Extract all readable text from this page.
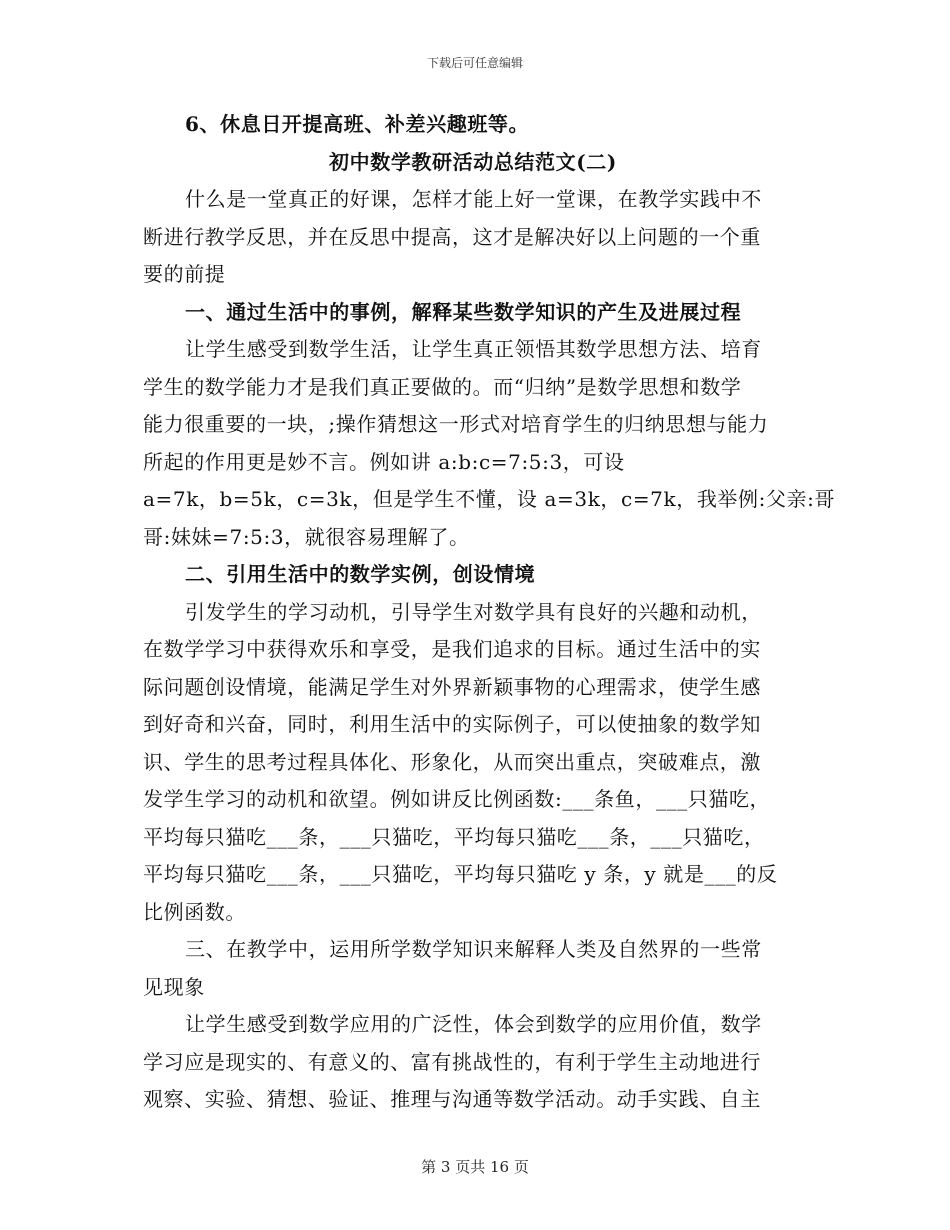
下载后可任意编辑
6、休息日开提高班、补差兴趣班等。
初中数学教研活动总结范文(二)
什么是一堂真正的好课，怎样才能上好一堂课，在教学实践中不
断进行教学反思，并在反思中提高，这才是解决好以上问题的一个重
要的前提
一、通过生活中的事例，解释某些数学知识的产生及进展过程
让学生感受到数学生活，让学生真正领悟其数学思想方法、培育
学生的数学能力才是我们真正要做的。而“归纳”是数学思想和数学
能力很重要的一块，;操作猜想这一形式对培育学生的归纳思想与能力
所起的作用更是妙不言。例如讲 a:b:c=7:5:3，可设
a=7k，b=5k，c=3k，但是学生不懂，设 a=3k，c=7k，我举例:父亲:哥
哥:妹妹=7:5:3，就很容易理解了。
二、引用生活中的数学实例，创设情境
引发学生的学习动机，引导学生对数学具有良好的兴趣和动机，
在数学学习中获得欢乐和享受，是我们追求的目标。通过生活中的实
际问题创设情境，能满足学生对外界新颖事物的心理需求，使学生感
到好奇和兴奋，同时，利用生活中的实际例子，可以使抽象的数学知
识、学生的思考过程具体化、形象化，从而突出重点，突破难点，激
发学生学习的动机和欲望。例如讲反比例函数:___条鱼，___只猫吃，
平均每只猫吃___条，___只猫吃，平均每只猫吃___条，___只猫吃，
平均每只猫吃___条，___只猫吃，平均每只猫吃 y 条，y 就是___的反
比例函数。
三、在教学中，运用所学数学知识来解释人类及自然界的一些常
见现象
让学生感受到数学应用的广泛性，体会到数学的应用价值，数学
学习应是现实的、有意义的、富有挑战性的，有利于学生主动地进行
观察、实验、猜想、验证、推理与沟通等数学活动。动手实践、自主
第 3 页共 16 页
